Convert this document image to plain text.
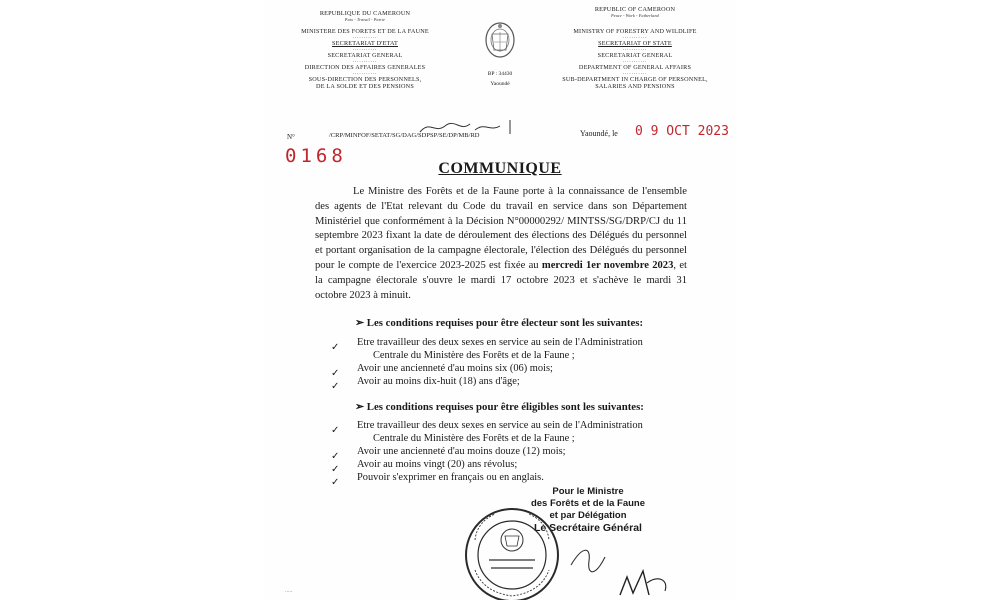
REPUBLIQUE DU CAMEROUN
Paix - Travail - Patrie
MINISTERE DES FORETS ET DE LA FAUNE
...........
SECRETARIAT D'ETAT
...........
SECRETARIAT GENERAL
...........
DIRECTION DES AFFAIRES GENERALES
...........
SOUS-DIRECTION DES PERSONNELS,
DE LA SOLDE ET DES PENSIONS
BP : 34430
Yaoundé
REPUBLIC OF CAMEROON
Peace - Work - Fatherland
MINISTRY OF FORESTRY AND WILDLIFE
...........
SECRETARIAT OF STATE
...........
SECRETARIAT GENERAL
...........
DEPARTMENT OF GENERAL AFFAIRS
...........
SUB-DEPARTMENT IN CHARGE OF PERSONNEL,
SALARIES AND PENSIONS
N°	/CRP/MINFOF/SETAT/SG/DAG/SDPSP/SE/DP/MB/RD
0168
Yaoundé, le 0 9 OCT 2023
COMMUNIQUE
Le Ministre des Forêts et de la Faune porte à la connaissance de l'ensemble des agents de l'Etat relevant du Code du travail en service dans son Département Ministériel que conformément à la Décision N°00000292/ MINTSS/SG/DRP/CJ du 11 septembre 2023 fixant la date de déroulement des élections des Délégués du personnel et portant organisation de la campagne électorale, l'élection des Délégués du personnel pour le compte de l'exercice 2023-2025 est fixée au mercredi 1er novembre 2023, et la campagne électorale s'ouvre le mardi 17 octobre 2023 et s'achève le mardi 31 octobre 2023 à minuit.
➢ Les conditions requises pour être électeur sont les suivantes:
✓ Etre travailleur des deux sexes en service au sein de l'Administration
Centrale du Ministère des Forêts et de la Faune ;
✓ Avoir une ancienneté d'au moins six (06) mois;
✓ Avoir au moins dix-huit (18) ans d'âge;
➢ Les conditions requises pour être éligibles sont les suivantes:
✓ Etre travailleur des deux sexes en service au sein de l'Administration
Centrale du Ministère des Forêts et de la Faune ;
✓ Avoir une ancienneté d'au moins douze (12) mois;
✓ Avoir au moins vingt (20) ans révolus;
✓ Pouvoir s'exprimer en français ou en anglais.
Pour le Ministre
des Forêts et de la Faune
et par Délégation
Le Secrétaire Général
.....
